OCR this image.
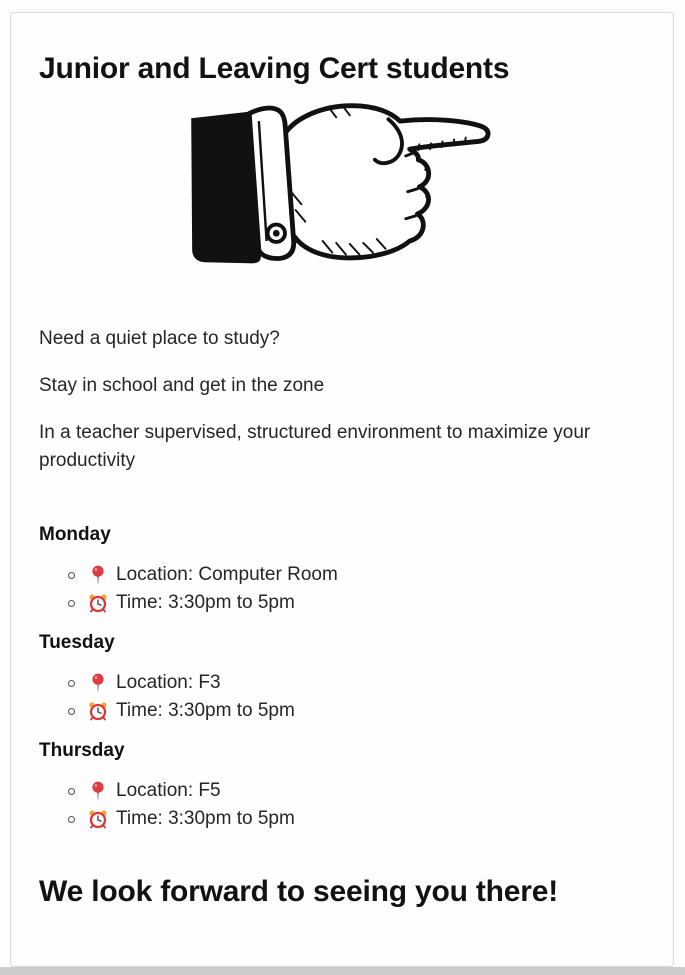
Junior and Leaving Cert students

Need a quiet place to study?

Stay in school and get in the zone

In a teacher supervised, structured environment to maximize your productivity

Monday
Location: Computer Room
Time: 3:30pm to 5pm
Tuesday
Location: F3
Time: 3:30pm to 5pm
Thursday
Location: F5
Time: 3:30pm to 5pm
We look forward to seeing you there!
